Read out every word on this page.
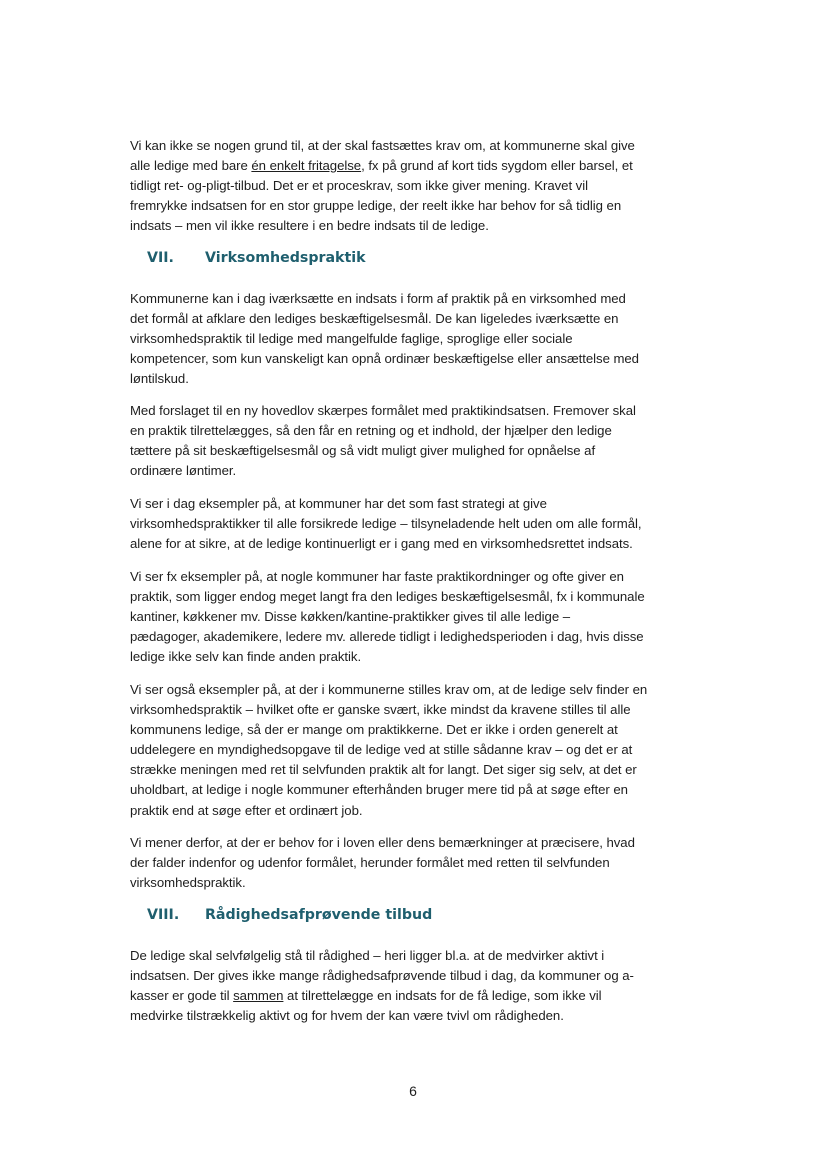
Vi kan ikke se nogen grund til, at der skal fastsættes krav om, at kommunerne skal give
alle ledige med bare én enkelt fritagelse, fx på grund af kort tids sygdom eller barsel, et
tidligt ret- og-pligt-tilbud. Det er et proceskrav, som ikke giver mening. Kravet vil
fremrykke indsatsen for en stor gruppe ledige, der reelt ikke har behov for så tidlig en
indsats – men vil ikke resultere i en bedre indsats til de ledige.

VII. Virksomhedspraktik

Kommunerne kan i dag iværksætte en indsats i form af praktik på en virksomhed med
det formål at afklare den lediges beskæftigelsesmål. De kan ligeledes iværksætte en
virksomhedspraktik til ledige med mangelfulde faglige, sproglige eller sociale
kompetencer, som kun vanskeligt kan opnå ordinær beskæftigelse eller ansættelse med
løntilskud.

Med forslaget til en ny hovedlov skærpes formålet med praktikindsatsen. Fremover skal
en praktik tilrettelægges, så den får en retning og et indhold, der hjælper den ledige
tættere på sit beskæftigelsesmål og så vidt muligt giver mulighed for opnåelse af
ordinære løntimer.

Vi ser i dag eksempler på, at kommuner har det som fast strategi at give
virksomhedspraktikker til alle forsikrede ledige – tilsyneladende helt uden om alle formål,
alene for at sikre, at de ledige kontinuerligt er i gang med en virksomhedsrettet indsats.

Vi ser fx eksempler på, at nogle kommuner har faste praktikordninger og ofte giver en
praktik, som ligger endog meget langt fra den lediges beskæftigelsesmål, fx i kommunale
kantiner, køkkener mv. Disse køkken/kantine-praktikker gives til alle ledige –
pædagoger, akademikere, ledere mv. allerede tidligt i ledighedsperioden i dag, hvis disse
ledige ikke selv kan finde anden praktik.

Vi ser også eksempler på, at der i kommunerne stilles krav om, at de ledige selv finder en
virksomhedspraktik – hvilket ofte er ganske svært, ikke mindst da kravene stilles til alle
kommunens ledige, så der er mange om praktikkerne. Det er ikke i orden generelt at
uddelegere en myndighedsopgave til de ledige ved at stille sådanne krav – og det er at
strække meningen med ret til selvfunden praktik alt for langt. Det siger sig selv, at det er
uholdbart, at ledige i nogle kommuner efterhånden bruger mere tid på at søge efter en
praktik end at søge efter et ordinært job.

Vi mener derfor, at der er behov for i loven eller dens bemærkninger at præcisere, hvad
der falder indenfor og udenfor formålet, herunder formålet med retten til selvfunden
virksomhedspraktik.

VIII. Rådighedsafprøvende tilbud

De ledige skal selvfølgelig stå til rådighed – heri ligger bl.a. at de medvirker aktivt i
indsatsen. Der gives ikke mange rådighedsafprøvende tilbud i dag, da kommuner og a-
kasser er gode til sammen at tilrettelægge en indsats for de få ledige, som ikke vil
medvirke tilstrækkelig aktivt og for hvem der kan være tvivl om rådigheden.

6
